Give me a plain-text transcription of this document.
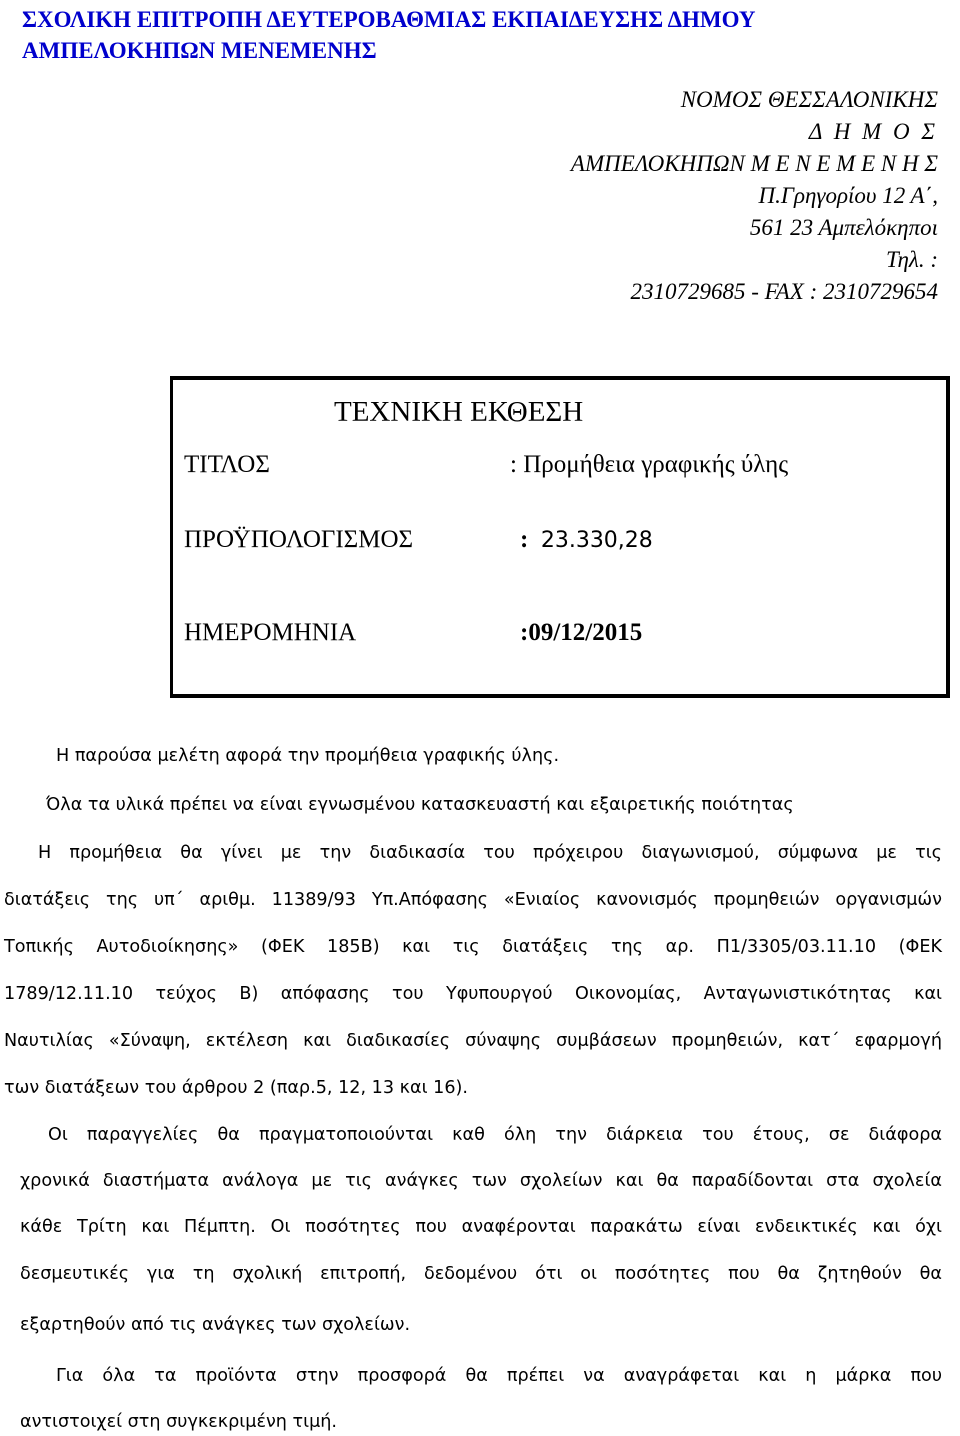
ΣΧΟΛΙΚΗ ΕΠΙΤΡΟΠΗ ΔΕΥΤΕΡΟΒΑΘΜΙΑΣ ΕΚΠΑΙΔΕΥΣΗΣ ΔΗΜΟΥ
ΑΜΠΕΛΟΚΗΠΩΝ ΜΕΝΕΜΕΝΗΣ
ΝΟΜΟΣ ΘΕΣΣΑΛΟΝΙΚΗΣ
Δ Η Μ Ο Σ
ΑΜΠΕΛΟΚΗΠΩΝ Μ Ε Ν Ε Μ Ε Ν Η Σ
Π.Γρηγορίου 12 Α΄,
561 23 Αμπελόκηποι
Τηλ. :
2310729685 - FAX : 2310729654
ΤΕΧΝΙΚΗ ΕΚΘΕΣΗ
ΤΙΤΛΟΣ	: Προμήθεια γραφικής ύλης
ΠΡΟΫΠΟΛΟΓΙΣΜΟΣ	: 23.330,28
ΗΜΕΡΟΜΗΝΙΑ	:09/12/2015
Η παρούσα μελέτη αφορά την προμήθεια γραφικής ύλης.
Όλα τα υλικά πρέπει να είναι εγνωσμένου κατασκευαστή και εξαιρετικής ποιότητας
Η προμήθεια θα γίνει με την διαδικασία του πρόχειρου διαγωνισμού, σύμφωνα με τις
διατάξεις της υπ΄ αριθμ. 11389/93 Υπ.Απόφασης «Ενιαίος κανονισμός προμηθειών οργανισμών
Τοπικής Αυτοδιοίκησης» (ΦΕΚ 185Β) και τις διατάξεις της αρ. Π1/3305/03.11.10 (ΦΕΚ
1789/12.11.10 τεύχος Β) απόφασης του Υφυπουργού Οικονομίας, Ανταγωνιστικότητας και
Ναυτιλίας «Σύναψη, εκτέλεση και διαδικασίες σύναψης συμβάσεων προμηθειών, κατ΄ εφαρμογή
των διατάξεων του άρθρου 2 (παρ.5, 12, 13 και 16).
Οι παραγγελίες θα πραγματοποιούνται καθ όλη την διάρκεια του έτους, σε διάφορα
χρονικά διαστήματα ανάλογα με τις ανάγκες των σχολείων και θα παραδίδονται στα σχολεία
κάθε Τρίτη και Πέμπτη. Οι ποσότητες που αναφέρονται παρακάτω είναι ενδεικτικές και όχι
δεσμευτικές για τη σχολική επιτροπή, δεδομένου ότι οι ποσότητες που θα ζητηθούν θα
εξαρτηθούν από τις ανάγκες των σχολείων.
Για όλα τα προϊόντα στην προσφορά θα πρέπει να αναγράφεται και η μάρκα που
αντιστοιχεί στη συγκεκριμένη τιμή.
